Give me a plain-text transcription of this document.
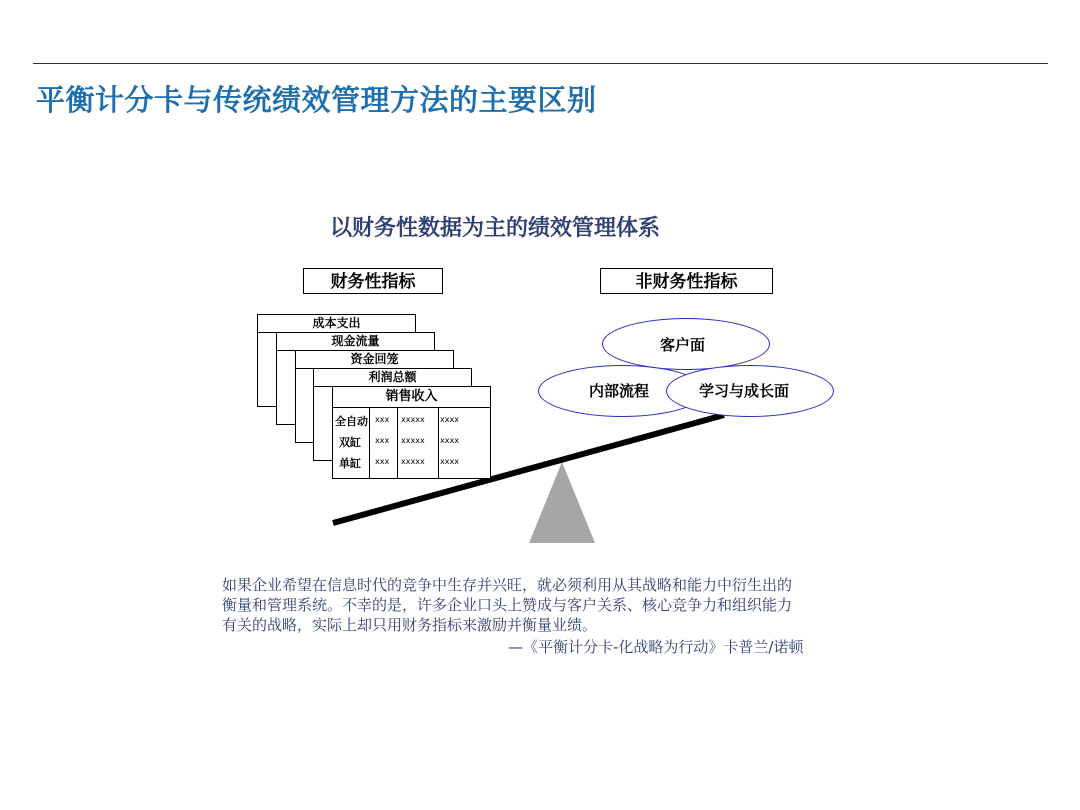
平衡计分卡与传统绩效管理方法的主要区别
以财务性数据为主的绩效管理体系
财务性指标	非财务性指标
成本支出
现金流量
资金回笼
利润总额
销售收入
全自动 xxx xxxxx xxxx
双缸 xxx xxxxx xxxx
单缸 xxx xxxxx xxxx
客户面
内部流程	学习与成长面

如果企业希望在信息时代的竞争中生存并兴旺，就必须利用从其战略和能力中衍生出的

衡量和管理系统。不幸的是，许多企业口头上赞成与客户关系、核心竞争力和组织能力

有关的战略，实际上却只用财务指标来激励并衡量业绩。

—《平衡计分卡-化战略为行动》卡普兰/诺顿
